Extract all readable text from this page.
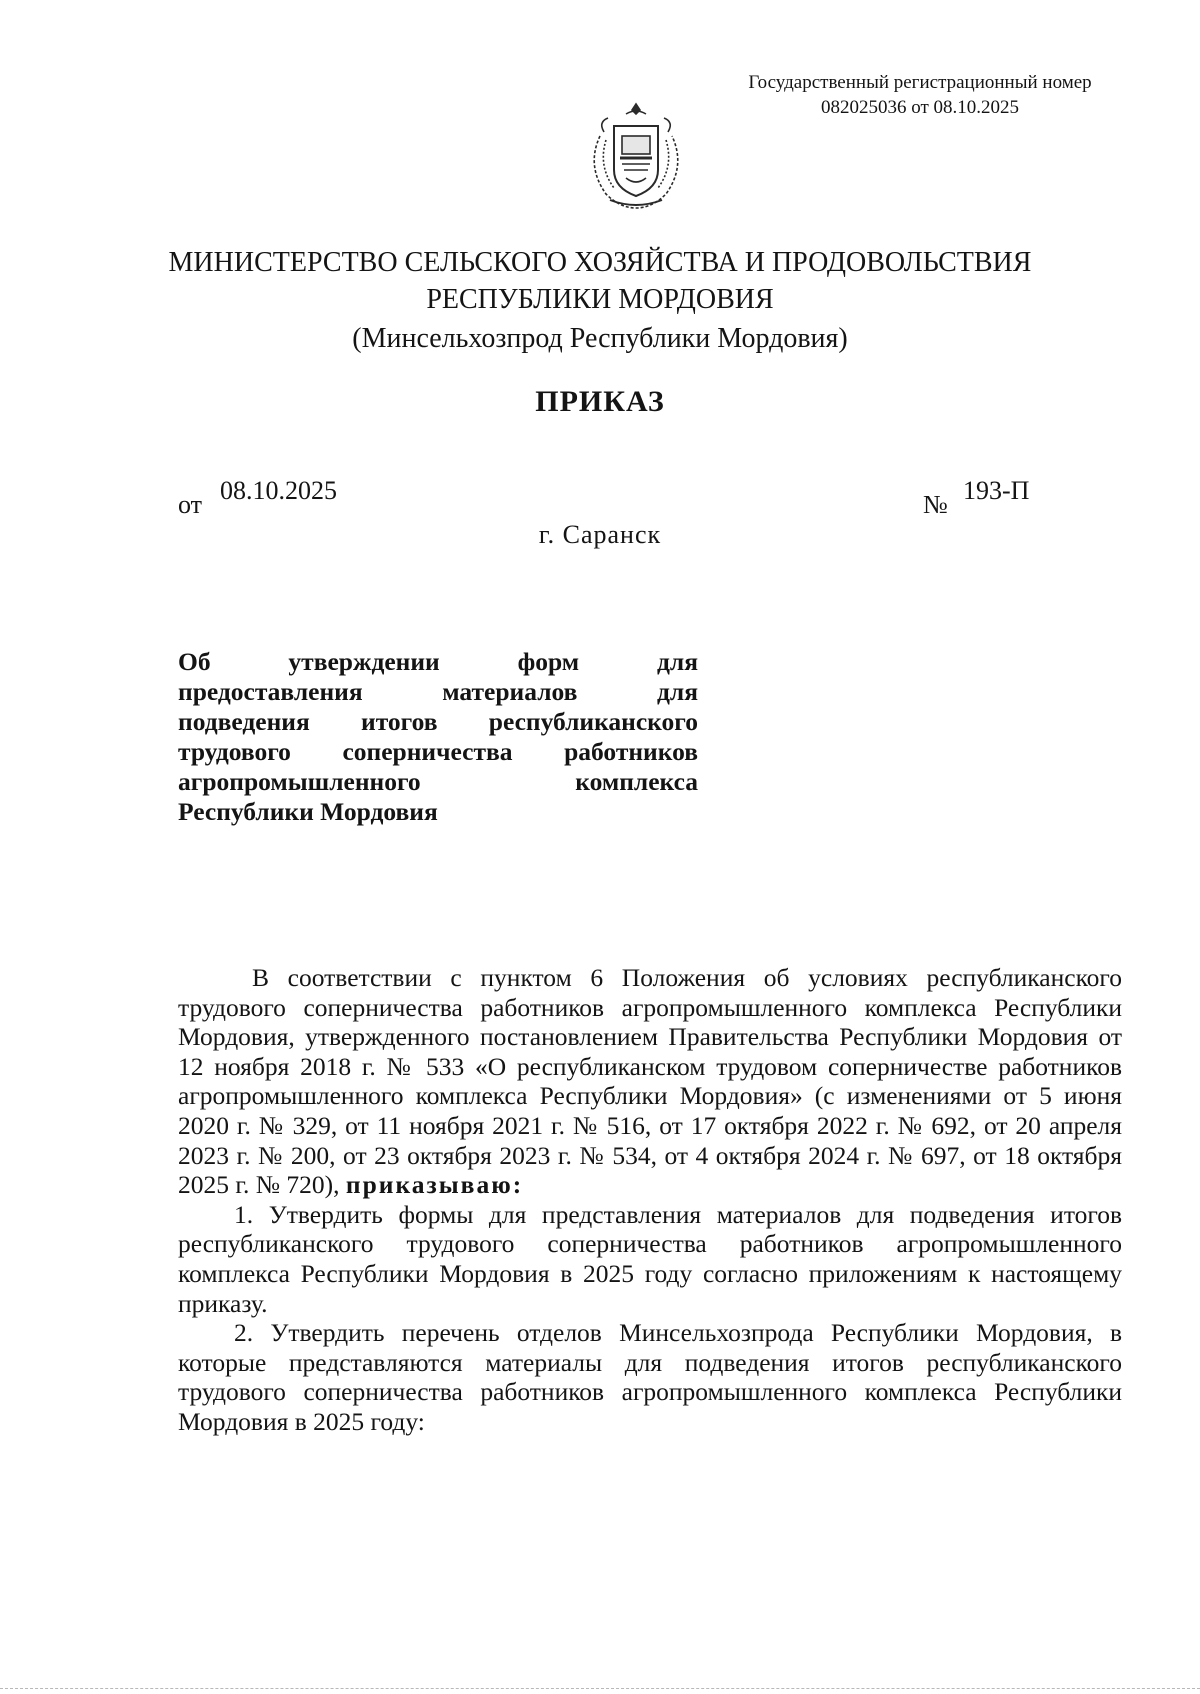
Государственный регистрационный номер
082025036 от 08.10.2025
МИНИСТЕРСТВО СЕЛЬСКОГО ХОЗЯЙСТВА И ПРОДОВОЛЬСТВИЯ
РЕСПУБЛИКИ МОРДОВИЯ
(Минсельхозпрод Республики Мордовия)
ПРИКАЗ
от 08.10.2025	№ 193-П
г. Саранск
Об утверждении форм для
предоставления материалов для
подведения итогов республиканского
трудового соперничества работников
агропромышленного комплекса
Республики Мордовия

В соответствии с пунктом 6 Положения об условиях республиканского трудового соперничества работников агропромышленного комплекса Республики Мордовия, утвержденного постановлением Правительства Республики Мордовия от 12 ноября 2018 г. № 533 «О республиканском трудовом соперничестве работников агропромышленного комплекса Республики Мордовия» (с изменениями от 5 июня 2020 г. № 329, от 11 ноября 2021 г. № 516, от 17 октября 2022 г. № 692, от 20 апреля 2023 г. № 200, от 23 октября 2023 г. № 534, от 4 октября 2024 г. № 697, от 18 октября 2025 г. № 720), приказываю:

1. Утвердить формы для представления материалов для подведения итогов республиканского трудового соперничества работников агропромышленного комплекса Республики Мордовия в 2025 году согласно приложениям к настоящему приказу.

2. Утвердить перечень отделов Минсельхозпрода Республики Мордовия, в которые представляются материалы для подведения итогов республиканского трудового соперничества работников агропромышленного комплекса Республики Мордовия в 2025 году:
